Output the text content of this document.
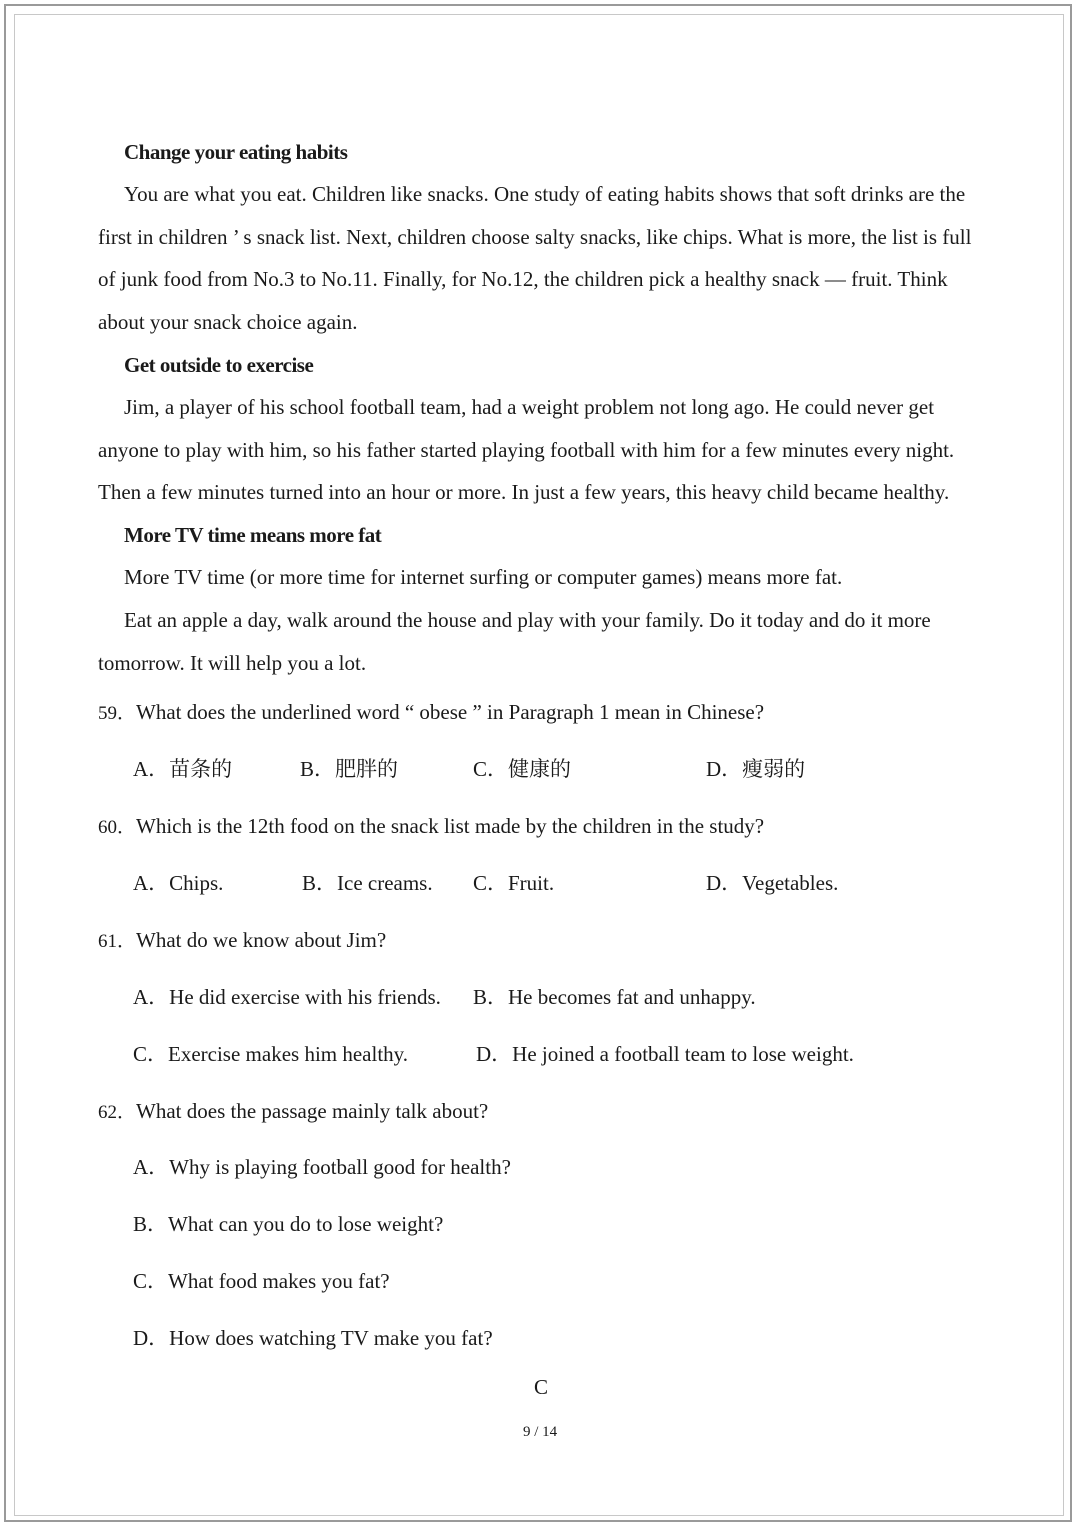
Change your eating habits
You are what you eat. Children like snacks. One study of eating habits shows that soft drinks are the first in children ’ s snack list. Next, children choose salty snacks, like chips. What is more, the list is full of junk food from No.3 to No.11. Finally, for No.12, the children pick a healthy snack — fruit. Think about your snack choice again.
Get outside to exercise
Jim, a player of his school football team, had a weight problem not long ago. He could never get anyone to play with him, so his father started playing football with him for a few minutes every night. Then a few minutes turned into an hour or more. In just a few years, this heavy child became healthy.
More TV time means more fat
More TV time (or more time for internet surfing or computer games) means more fat.
Eat an apple a day, walk around the house and play with your family. Do it today and do it more tomorrow. It will help you a lot.
59．What does the underlined word “ obese ” in Paragraph 1 mean in Chinese?
A．苗条的	B．肥胖的	C．健康的	D．瘦弱的
60．Which is the 12th food on the snack list made by the children in the study?
A．Chips.	B．Ice creams. C．Fruit.	D．Vegetables.
61．What do we know about Jim?
A．He did exercise with his friends. B．He becomes fat and unhappy.
C．Exercise makes him healthy.	D．He joined a football team to lose weight.
62．What does the passage mainly talk about?
A．Why is playing football good for health?
B．What can you do to lose weight?
C．What food makes you fat?
D．How does watching TV make you fat?
C
9 / 14
